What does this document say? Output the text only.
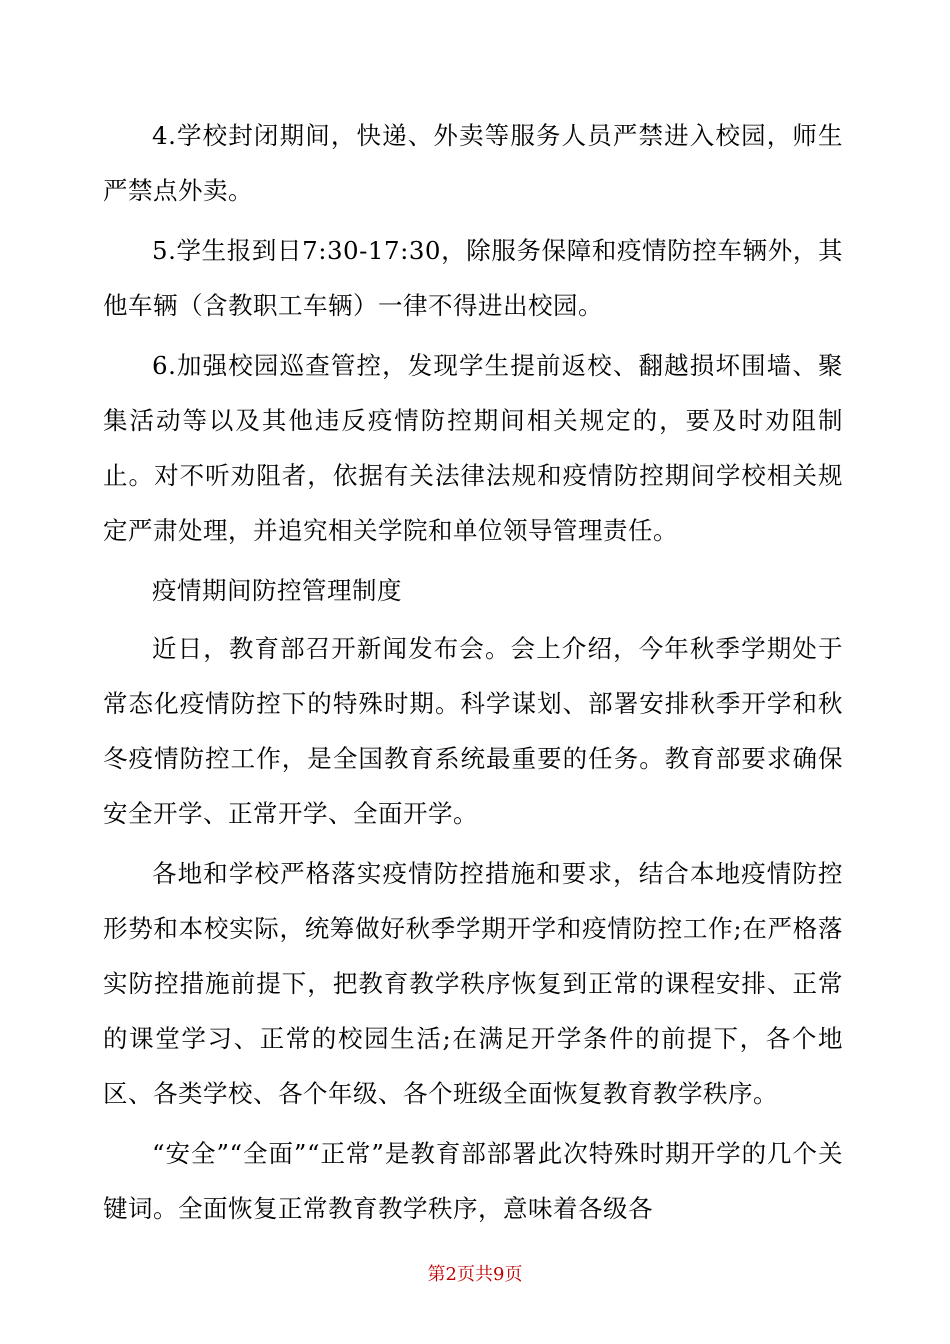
4.学校封闭期间，快递、外卖等服务人员严禁进入校园，师生严禁点外卖。

5.学生报到日7:30-17:30，除服务保障和疫情防控车辆外，其他车辆（含教职工车辆）一律不得进出校园。

6.加强校园巡查管控，发现学生提前返校、翻越损坏围墙、聚集活动等以及其他违反疫情防控期间相关规定的，要及时劝阻制止。对不听劝阻者，依据有关法律法规和疫情防控期间学校相关规定严肃处理，并追究相关学院和单位领导管理责任。

疫情期间防控管理制度

近日，教育部召开新闻发布会。会上介绍，今年秋季学期处于常态化疫情防控下的特殊时期。科学谋划、部署安排秋季开学和秋冬疫情防控工作，是全国教育系统最重要的任务。教育部要求确保安全开学、正常开学、全面开学。

各地和学校严格落实疫情防控措施和要求，结合本地疫情防控形势和本校实际，统筹做好秋季学期开学和疫情防控工作;在严格落实防控措施前提下，把教育教学秩序恢复到正常的课程安排、正常的课堂学习、正常的校园生活;在满足开学条件的前提下，各个地区、各类学校、各个年级、各个班级全面恢复教育教学秩序。

“安全”“全面”“正常”是教育部部署此次特殊时期开学的几个关键词。全面恢复正常教育教学秩序，意味着各级各

第2页共9页
